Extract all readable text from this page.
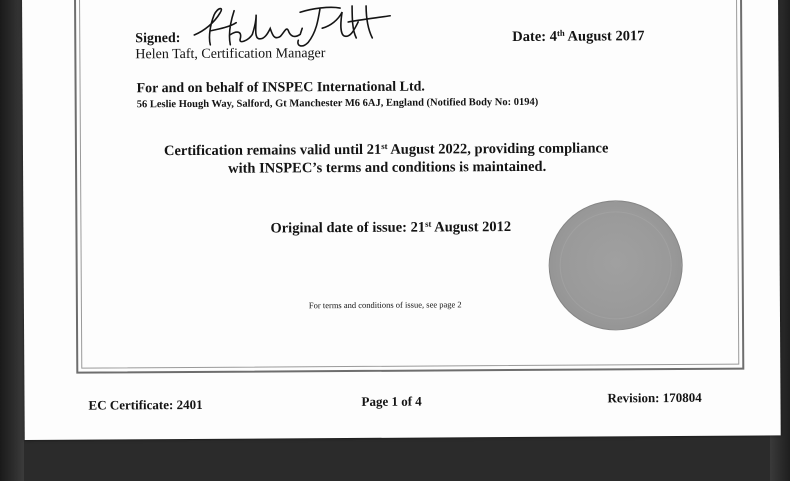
Signed:
Helen Taft, Certification Manager
Date: 4th August 2017
For and on behalf of INSPEC International Ltd.
56 Leslie Hough Way, Salford, Gt Manchester M6 6AJ, England (Notified Body No: 0194)
Certification remains valid until 21st August 2022, providing compliance
with INSPEC’s terms and conditions is maintained.
Original date of issue: 21st August 2012
For terms and conditions of issue, see page 2
EC Certificate: 2401	Page 1 of 4	Revision: 170804
